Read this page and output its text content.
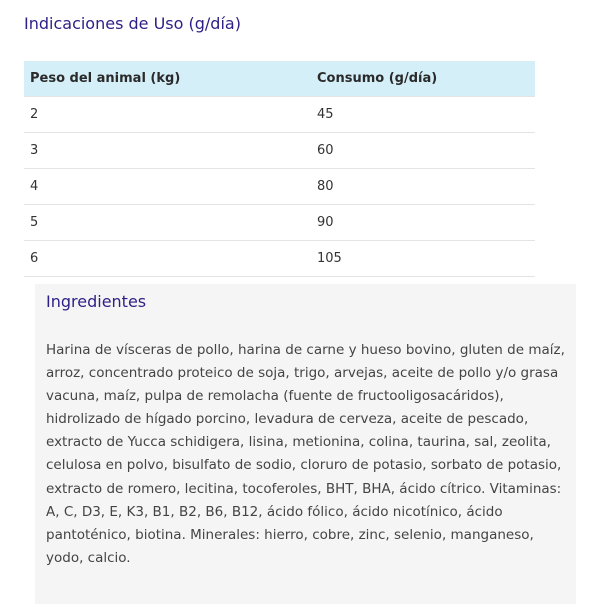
Indicaciones de Uso (g/día)
Peso del animal (kg)	Consumo (g/día)
2	45
3	60
4	80
5	90
6	105
Ingredientes

Harina de vísceras de pollo, harina de carne y hueso bovino, gluten de maíz, arroz, concentrado proteico de soja, trigo, arvejas, aceite de pollo y/o grasa vacuna, maíz, pulpa de remolacha (fuente de fructooligosacáridos), hidrolizado de hígado porcino, levadura de cerveza, aceite de pescado, extracto de Yucca schidigera, lisina, metionina, colina, taurina, sal, zeolita, celulosa en polvo, bisulfato de sodio, cloruro de potasio, sorbato de potasio, extracto de romero, lecitina, tocoferoles, BHT, BHA, ácido cítrico. Vitaminas: A, C, D3, E, K3, B1, B2, B6, B12, ácido fólico, ácido nicotínico, ácido pantoténico, biotina. Minerales: hierro, cobre, zinc, selenio, manganeso, yodo, calcio.
